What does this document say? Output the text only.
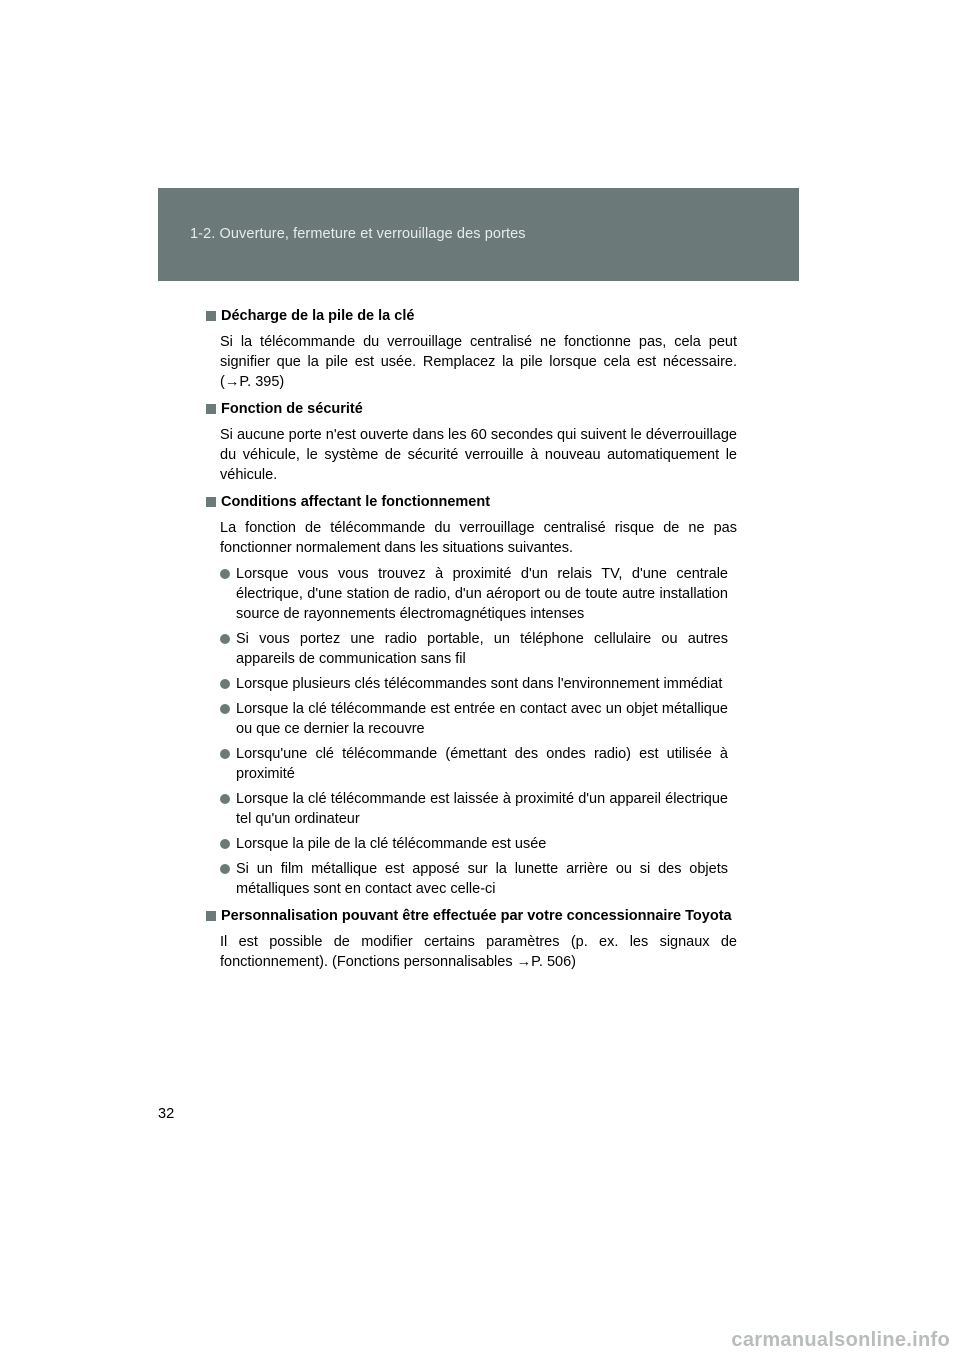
1-2. Ouverture, fermeture et verrouillage des portes
Décharge de la pile de la clé

Si la télécommande du verrouillage centralisé ne fonctionne pas, cela peut signifier que la pile est usée. Remplacez la pile lorsque cela est nécessaire. (→P. 395)

Fonction de sécurité

Si aucune porte n'est ouverte dans les 60 secondes qui suivent le déverrouillage du véhicule, le système de sécurité verrouille à nouveau automatiquement le véhicule.

Conditions affectant le fonctionnement

La fonction de télécommande du verrouillage centralisé risque de ne pas fonctionner normalement dans les situations suivantes.

Lorsque vous vous trouvez à proximité d'un relais TV, d'une centrale électrique, d'une station de radio, d'un aéroport ou de toute autre installation source de rayonnements électromagnétiques intenses
Si vous portez une radio portable, un téléphone cellulaire ou autres appareils de communication sans fil
Lorsque plusieurs clés télécommandes sont dans l'environnement immédiat
Lorsque la clé télécommande est entrée en contact avec un objet métallique ou que ce dernier la recouvre
Lorsqu'une clé télécommande (émettant des ondes radio) est utilisée à proximité
Lorsque la clé télécommande est laissée à proximité d'un appareil électrique tel qu'un ordinateur
Lorsque la pile de la clé télécommande est usée
Si un film métallique est apposé sur la lunette arrière ou si des objets métalliques sont en contact avec celle-ci
Personnalisation pouvant être effectuée par votre concessionnaire Toyota

Il est possible de modifier certains paramètres (p. ex. les signaux de fonctionnement). (Fonctions personnalisables →P. 506)

32
carmanualsonline.info
